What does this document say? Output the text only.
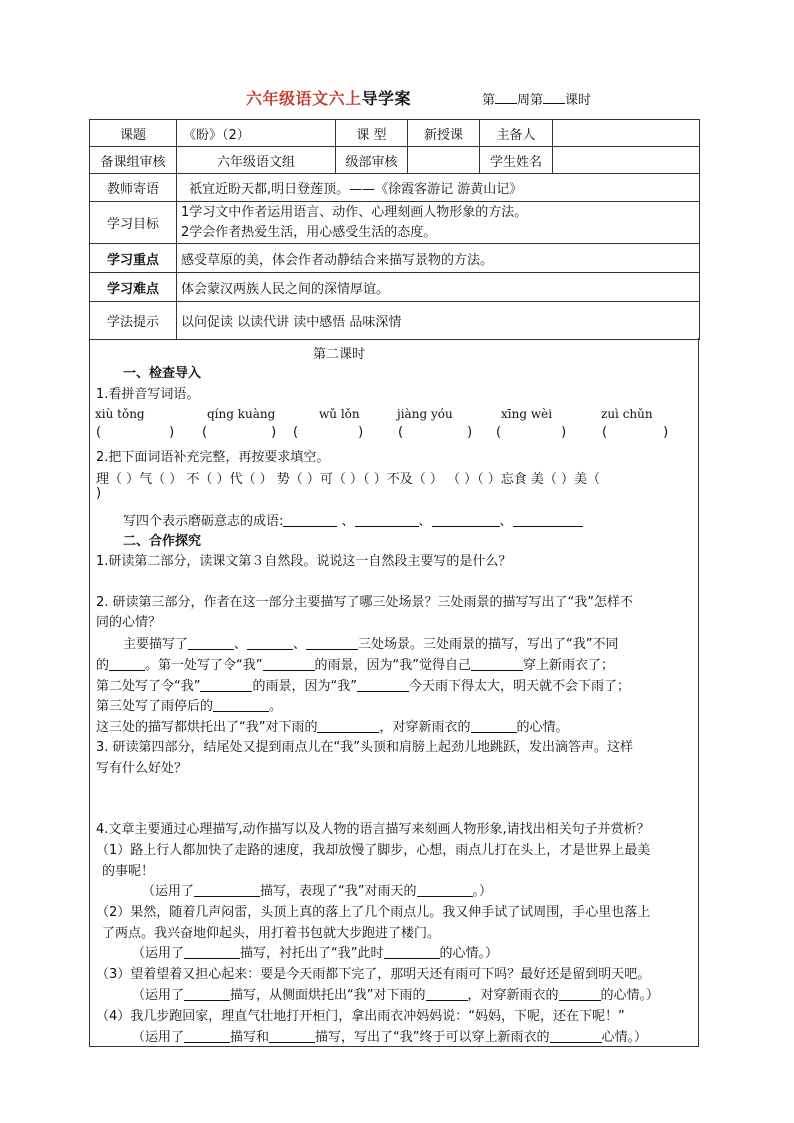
六年级语文六上导学案	第 周第 课时
课题	《盼》（2）	课 型	新授课	主备人	
备课组审核	六年级语文组	级部审核		学生姓名	
教师寄语	祇宜近盼天都,明日登莲顶。——《徐霞客游记 游黄山记》				
学习目标	1学习文中作者运用语言、动作、心理刻画人物形象的方法。
2学会作者热爱生活，用心感受生活的态度。				

学习重点	感受草原的美，体会作者动静结合来描写景物的方法。				
学习难点	体会蒙汉两族人民之间的深情厚谊。				
学法提示	以问促读 以读代讲 读中感悟 品味深情				
第二课时
一、检查导入
1.看拼音写词语。
xiù tǒng	qíng kuàng	wǔ lǒn	jiàng yóu	xīng wèi	zuì chǔn
(	) (	) (	)	(	) (	)	(	)
2.把下面词语补充完整，再按要求填空。
理（ ）气（ ） 不（ ）代（ ） 势（ ）可（ ）（ ）不及（ ） （ ）（ ）忘食 美（ ）美（
)
写四个表示磨砺意志的成语:	、	、	、
二、合作探究
1.研读第二部分，读课文第３自然段。说说这一自然段主要写的是什么？
2. 研读第三部分，作者在这一部分主要描写了哪三处场景？三处雨景的描写写出了“我”怎样不
同的心情？
主要描写了	、	、	三处场景。三处雨景的描写，写出了“我”不同
的	。第一处写了令“我”	的雨景，因为“我”觉得自己	穿上新雨衣了；
第二处写了令“我”	的雨景，因为“我”	今天雨下得太大，明天就不会下雨了；
第三处写了雨停后的	。
这三处的描写都烘托出了“我”对下雨的	，对穿新雨衣的	的心情。
3. 研读第四部分，结尾处又提到雨点儿在“我”头顶和肩膀上起劲儿地跳跃，发出滴答声。这样
写有什么好处？
4.文章主要通过心理描写,动作描写以及人物的语言描写来刻画人物形象,请找出相关句子并赏析？
（1）路上行人都加快了走路的速度，我却放慢了脚步，心想，雨点儿打在头上，才是世界上最美
的事呢！
（运用了	描写，表现了“我”对雨天的	。）
（2）果然，随着几声闷雷，头顶上真的落上了几个雨点儿。我又伸手试了试周围，手心里也落上
了两点。我兴奋地仰起头，用打着书包就大步跑进了楼门。
（运用了	描写，衬托出了“我”此时	的心情。）
（3）望着望着又担心起来：要是今天雨都下完了，那明天还有雨可下吗？最好还是留到明天吧。
（运用了	描写，从侧面烘托出“我”对下雨的	，对穿新雨衣的	的心情。）
（4）我几步跑回家，理直气壮地打开柜门，拿出雨衣冲妈妈说：“妈妈，下呢，还在下呢！”
（运用了	描写和	描写，写出了“我”终于可以穿上新雨衣的	心情。）
